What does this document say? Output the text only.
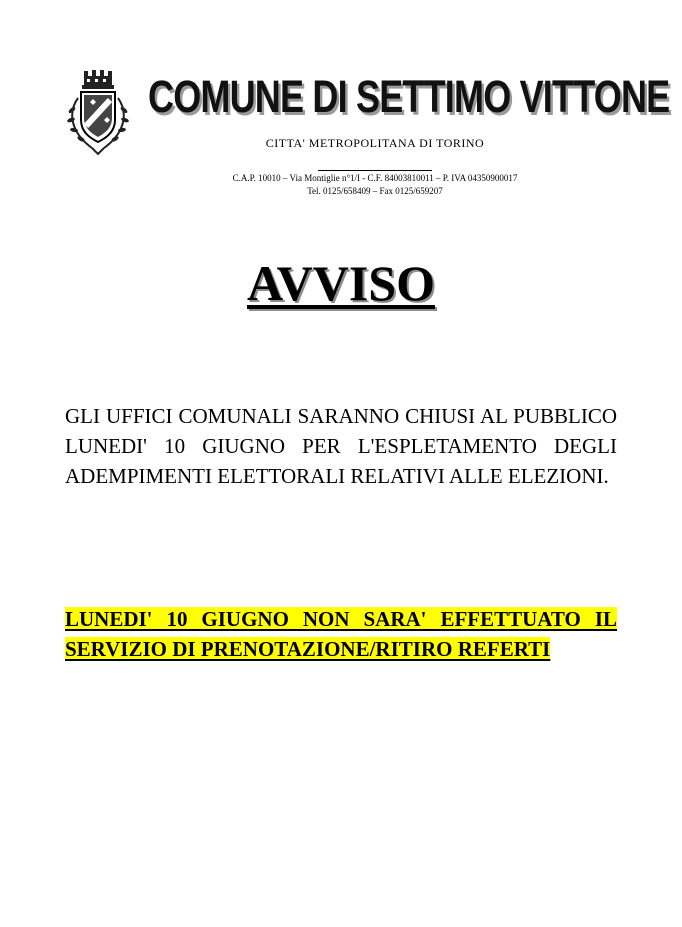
COMUNE DI SETTIMO VITTONE
CITTA' METROPOLITANA DI TORINO
C.A.P. 10010 – Via Montiglie n°1/I - C.F. 84003810011 – P. IVA 04350900017
Tel. 0125/658409 – Fax 0125/659207
AVVISO
GLI UFFICI COMUNALI SARANNO CHIUSI AL PUBBLICO LUNEDI' 10 GIUGNO PER L'ESPLETAMENTO DEGLI ADEMPIMENTI ELETTORALI RELATIVI ALLE ELEZIONI.
LUNEDI' 10 GIUGNO NON SARA' EFFETTUATO IL SERVIZIO DI PRENOTAZIONE/RITIRO REFERTI
